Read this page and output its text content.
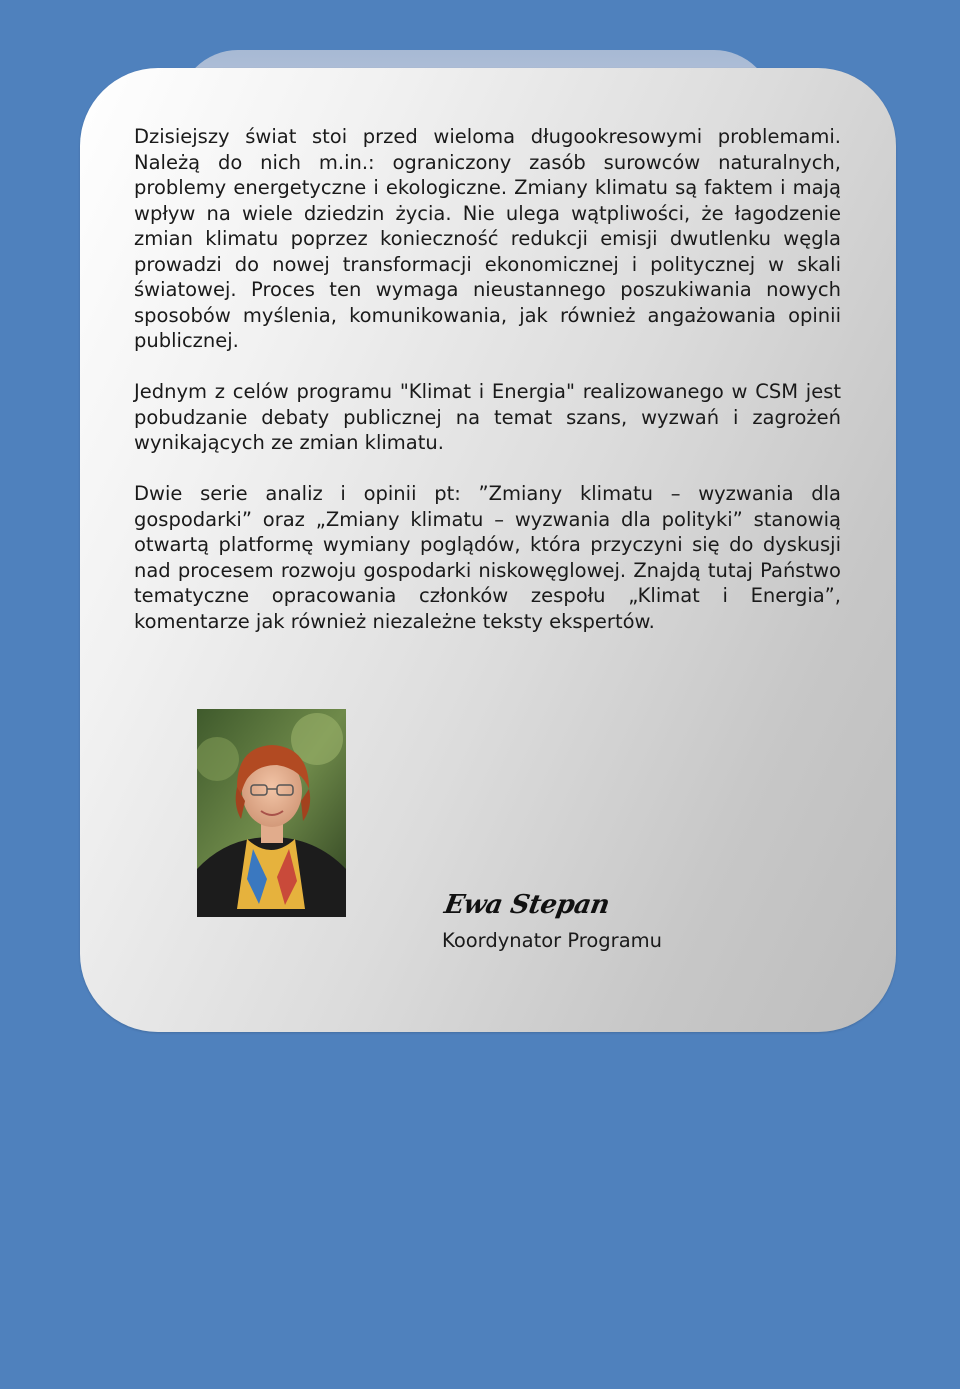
Dzisiejszy świat stoi przed wieloma długookresowymi problemami. Należą do nich m.in.: ograniczony zasób surowców naturalnych, problemy energetyczne i ekologiczne. Zmiany klimatu są faktem i mają wpływ na wiele dziedzin życia. Nie ulega wątpliwości, że łagodzenie zmian klimatu poprzez konieczność redukcji emisji dwutlenku węgla prowadzi do nowej transformacji ekonomicznej i politycznej w skali światowej. Proces ten wymaga nieustannego poszukiwania nowych sposobów myślenia, komunikowania, jak również angażowania opinii publicznej.

Jednym z celów programu "Klimat i Energia" realizowanego w CSM jest pobudzanie debaty publicznej na temat szans, wyzwań i zagrożeń wynikających ze zmian klimatu.

Dwie serie analiz i opinii pt: ”Zmiany klimatu – wyzwania dla gospodarki” oraz „Zmiany klimatu – wyzwania dla polityki” stanowią otwartą platformę wymiany poglądów, która przyczyni się do dyskusji nad procesem rozwoju gospodarki niskowęglowej. Znajdą tutaj Państwo tematyczne opracowania członków zespołu „Klimat i Energia”, komentarze jak również niezależne teksty ekspertów.

Ewa Stepan
Koordynator Programu
